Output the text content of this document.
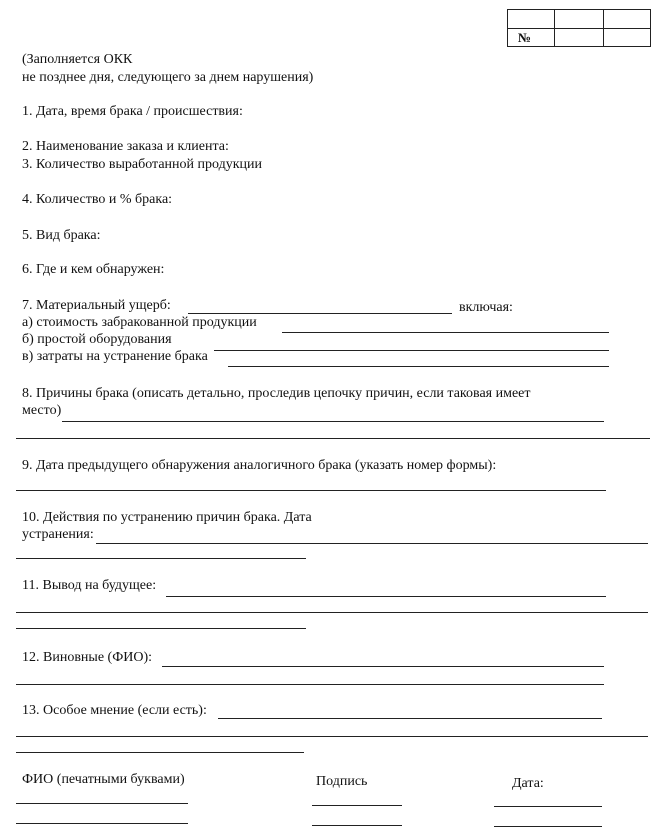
№
(Заполняется ОКК
не позднее дня, следующего за днем нарушения)
1. Дата, время брака / происшествия:
2. Наименование заказа и клиента:
3. Количество выработанной продукции
4. Количество и % брака:
5. Вид брака:
6. Где и кем обнаружен:
7. Материальный ущерб:	включая:
а) стоимость забракованной продукции
б) простой оборудования
в) затраты на устранение брака
8. Причины брака (описать детально, проследив цепочку причин, если таковая имеет
место)
9. Дата предыдущего обнаружения аналогичного брака (указать номер формы):
10. Действия по устранению причин брака. Дата
устранения:
11. Вывод на будущее:
12. Виновные (ФИО):
13. Особое мнение (если есть):
ФИО (печатными буквами)	Подпись	Дата:
